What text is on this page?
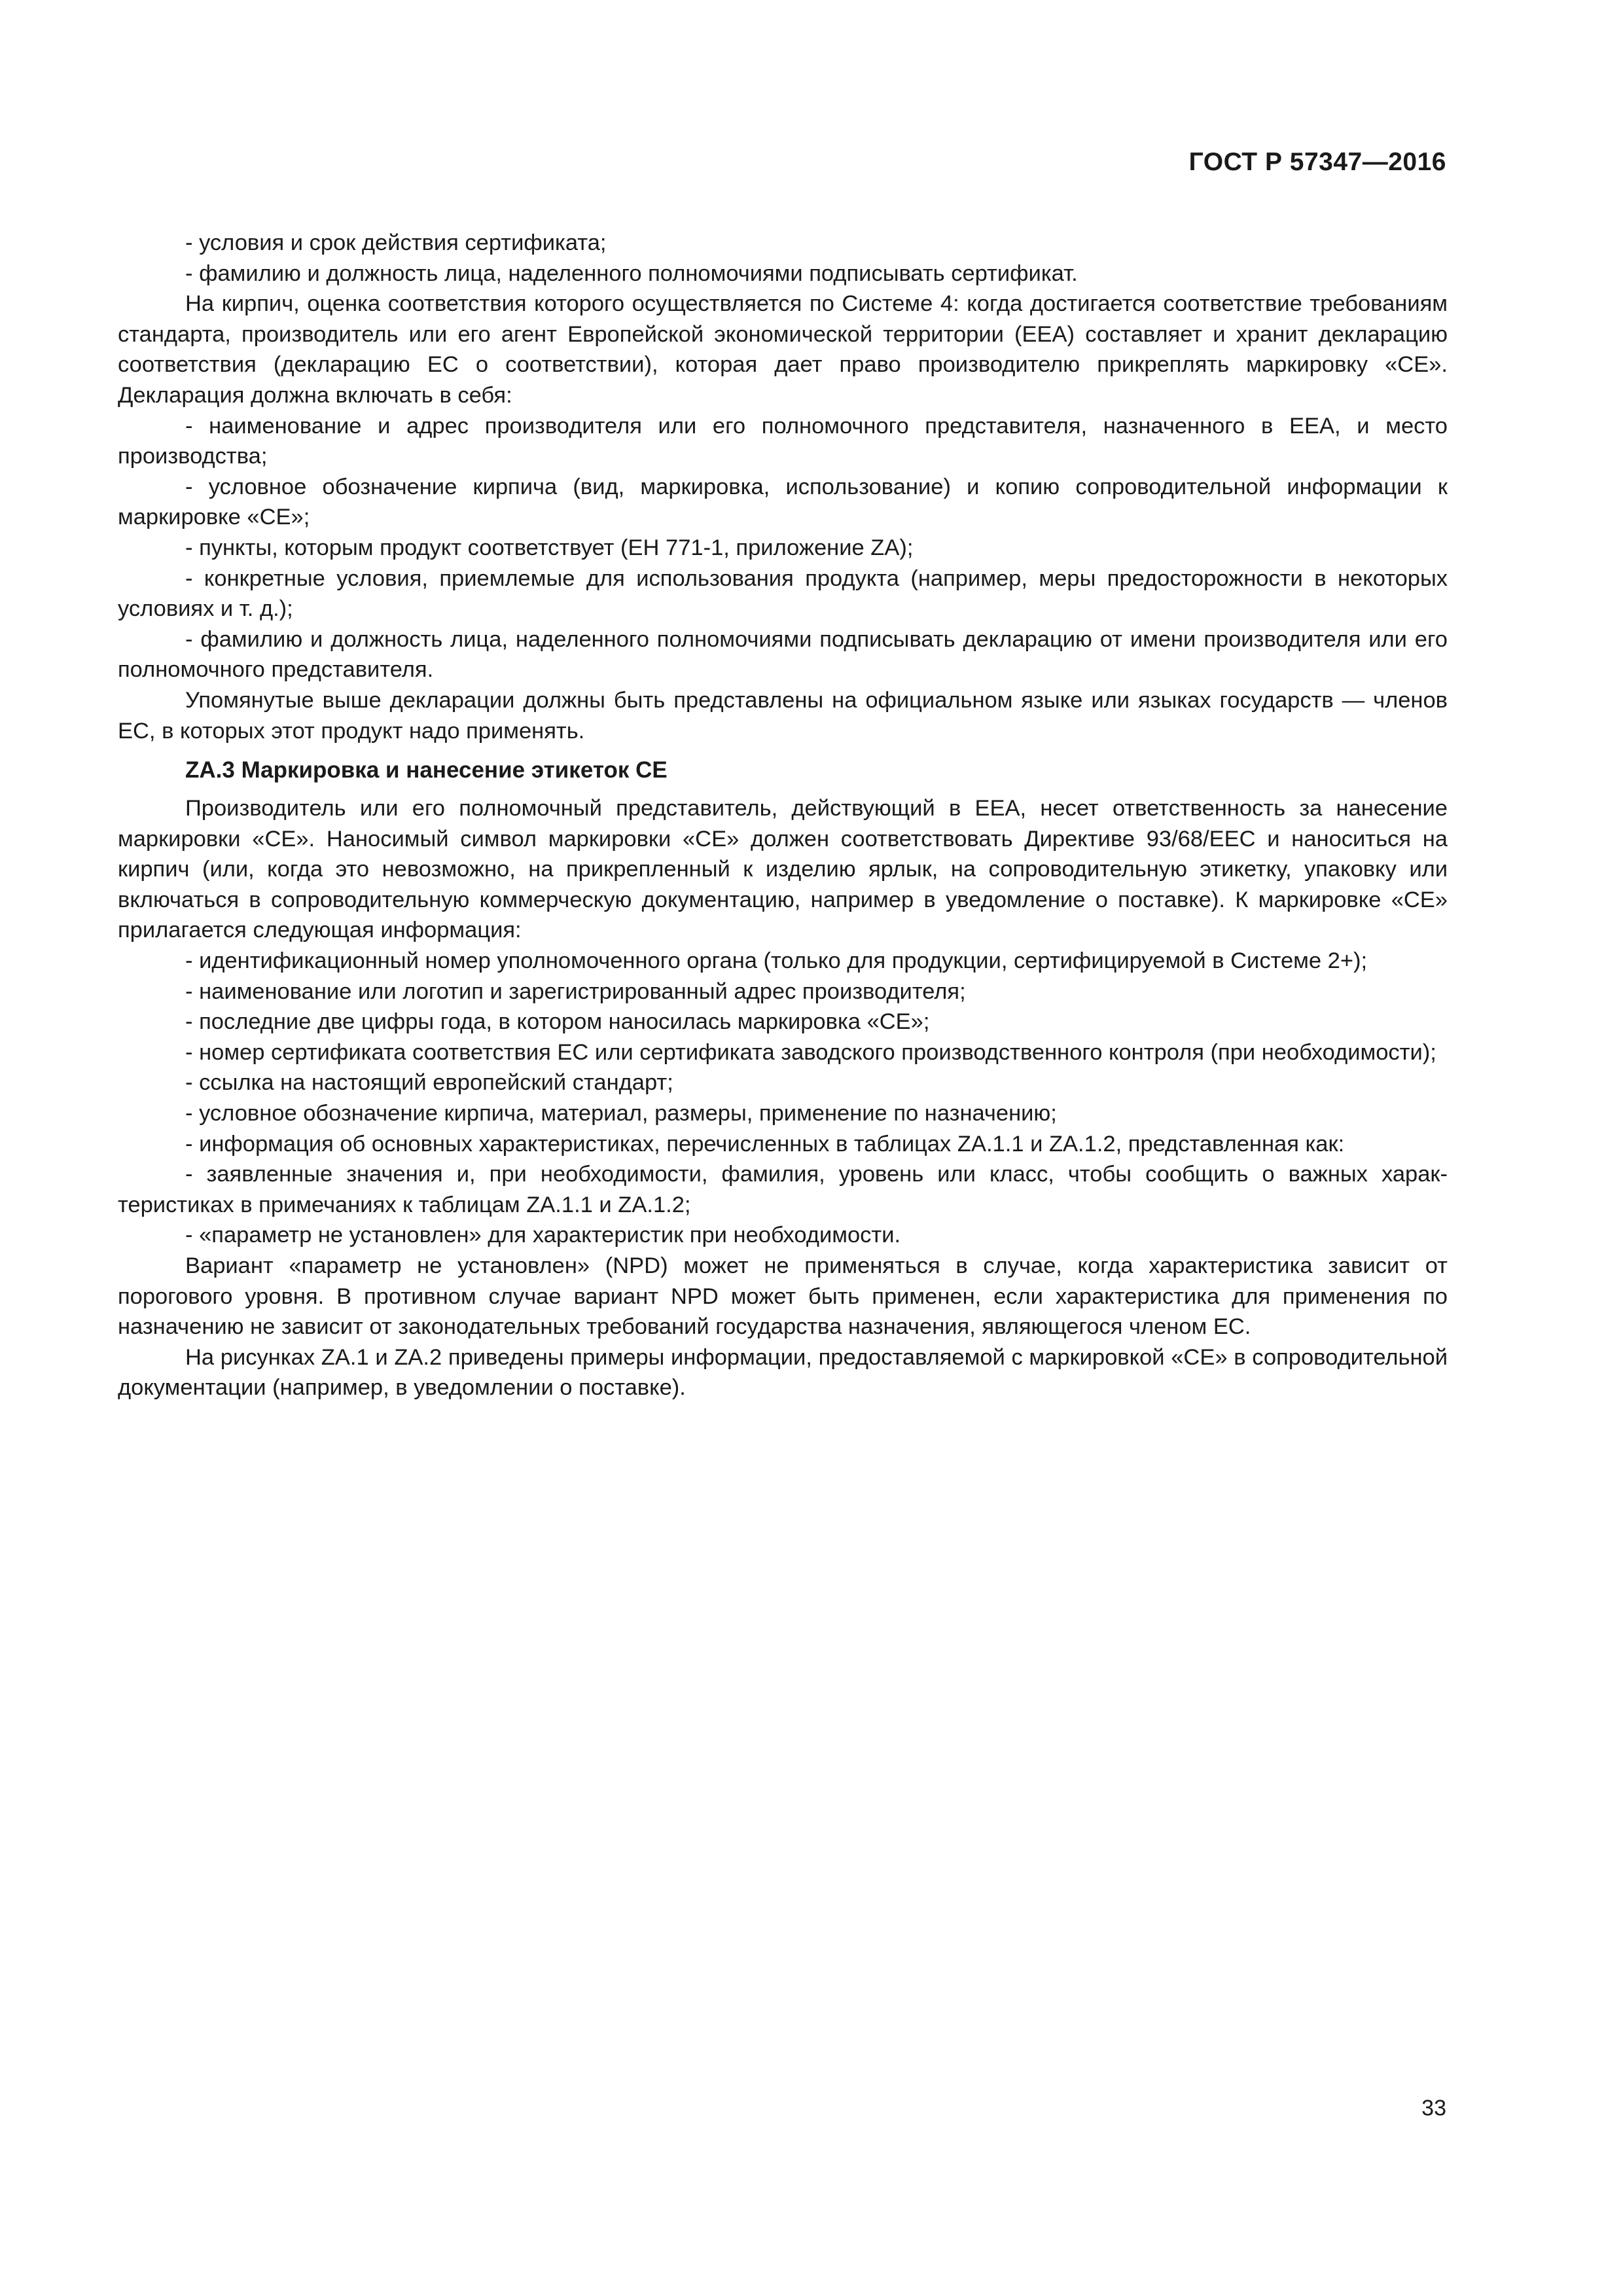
ГОСТ Р 57347—2016

- условия и срок действия сертификата;

- фамилию и должность лица, наделенного полномочиями подписывать сертификат.

На кирпич, оценка соответствия которого осуществляется по Системе 4: когда достигается соответствие требованиям стандарта, производитель или его агент Европейской экономической территории (ЕЕА) составляет и хранит декларацию соответствия (декларацию ЕС о соответствии), которая дает право производителю прикреплять маркировку «СЕ». Декларация должна включать в себя:

- наименование и адрес производителя или его полномочного представителя, назначенного в ЕЕА, и место производства;

- условное обозначение кирпича (вид, маркировка, использование) и копию сопроводительной информации к маркировке «СЕ»;

- пункты, которым продукт соответствует (ЕН 771-1, приложение ZA);

- конкретные условия, приемлемые для использования продукта (например, меры предосторожности в некоторых условиях и т. д.);

- фамилию и должность лица, наделенного полномочиями подписывать декларацию от имени производителя или его полномочного представителя.

Упомянутые выше декларации должны быть представлены на официальном языке или языках государств — членов ЕС, в которых этот продукт надо применять.

ZA.3 Маркировка и нанесение этикеток СЕ

Производитель или его полномочный представитель, действующий в ЕЕА, несет ответственность за нанесение маркировки «СЕ». Наносимый символ маркировки «СЕ» должен соответствовать Директиве 93/68/ЕЕС и наноситься на кирпич (или, когда это невозможно, на прикрепленный к изделию ярлык, на сопроводительную этикетку, упаковку или включаться в сопроводительную коммерческую документацию, например в уведомление о поставке). К маркировке «СЕ» прилагается следующая информация:

- идентификационный номер уполномоченного органа (только для продукции, сертифицируемой в Системе 2+);

- наименование или логотип и зарегистрированный адрес производителя;

- последние две цифры года, в котором наносилась маркировка «СЕ»;

- номер сертификата соответствия ЕС или сертификата заводского производственного контроля (при необходимости);

- ссылка на настоящий европейский стандарт;

- условное обозначение кирпича, материал, размеры, применение по назначению;

- информация об основных характеристиках, перечисленных в таблицах ZA.1.1 и ZA.1.2, представленная как:

- заявленные значения и, при необходимости, фамилия, уровень или класс, чтобы сообщить о важных характеристиках в примечаниях к таблицам ZA.1.1 и ZA.1.2;

- «параметр не установлен» для характеристик при необходимости.

Вариант «параметр не установлен» (NPD) может не применяться в случае, когда характеристика зависит от порогового уровня. В противном случае вариант NPD может быть применен, если характеристика для применения по назначению не зависит от законодательных требований государства назначения, являющегося членом ЕС.

На рисунках ZA.1 и ZA.2 приведены примеры информации, предоставляемой с маркировкой «СЕ» в сопроводительной документации (например, в уведомлении о поставке).

33
